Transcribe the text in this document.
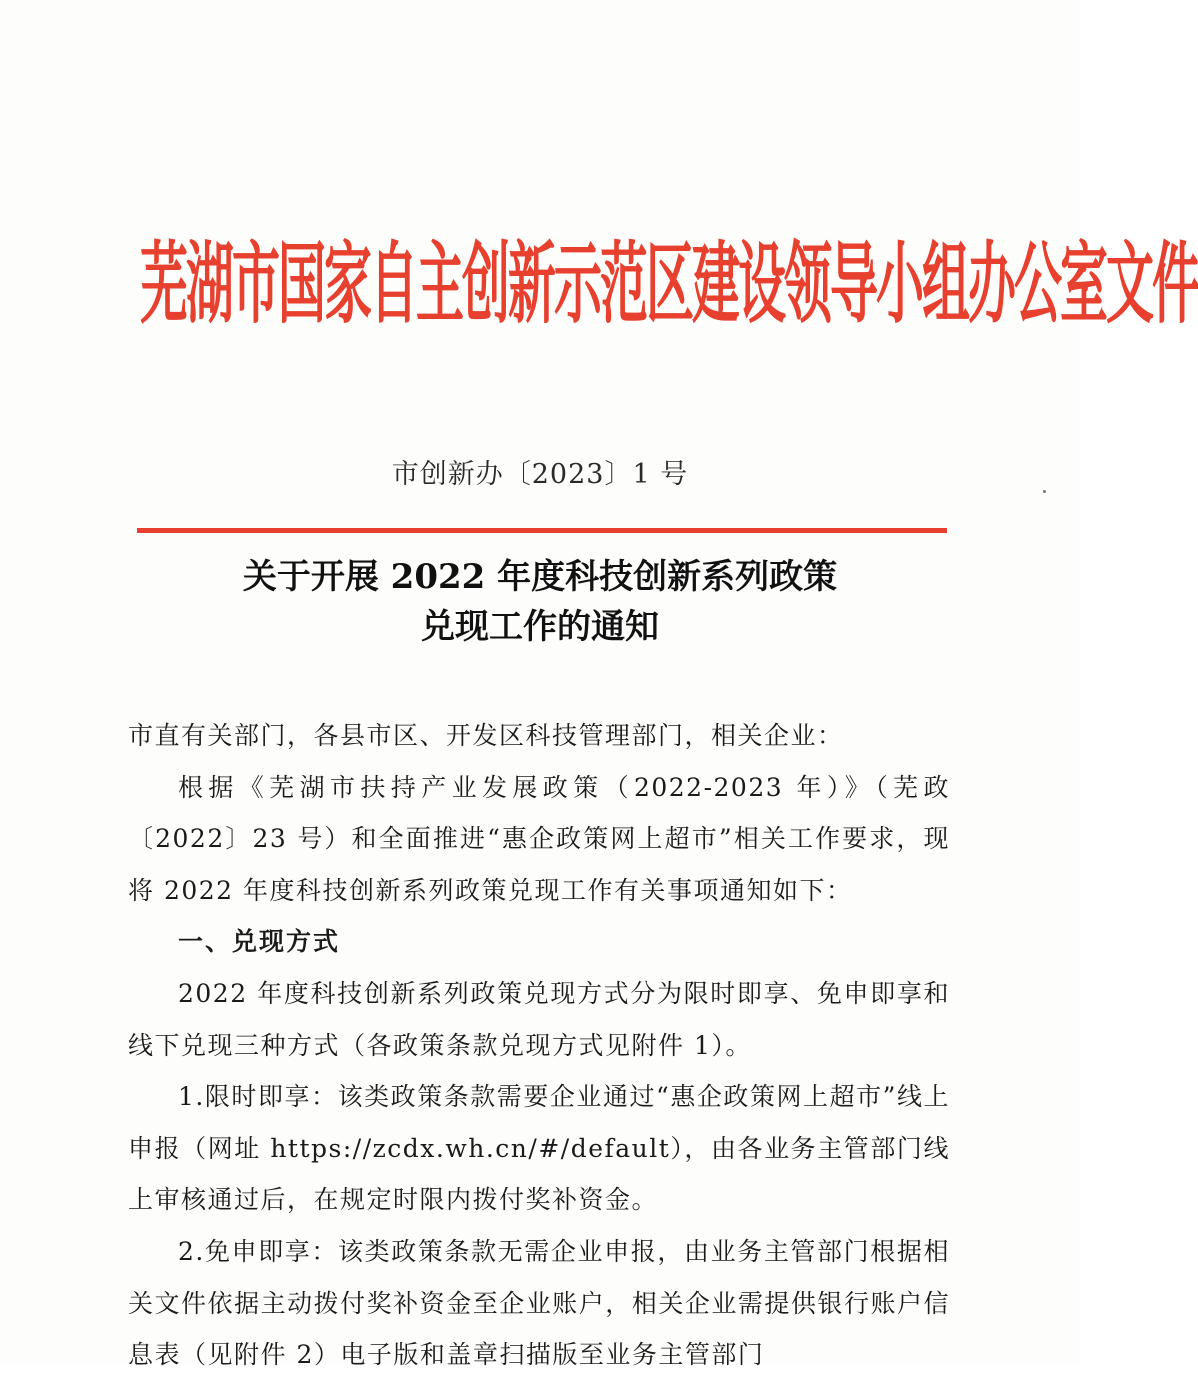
芜湖市国家自主创新示范区建设领导小组办公室文件
市创新办〔2023〕1 号
关于开展 2022 年度科技创新系列政策
兑现工作的通知

市直有关部门，各县市区、开发区科技管理部门，相关企业：

根据《芜湖市扶持产业发展政策（2022-2023 年）》（芜政〔2022〕23 号）和全面推进“惠企政策网上超市”相关工作要求，现将 2022 年度科技创新系列政策兑现工作有关事项通知如下：

一、兑现方式

2022 年度科技创新系列政策兑现方式分为限时即享、免申即享和线下兑现三种方式（各政策条款兑现方式见附件 1）。

1.限时即享：该类政策条款需要企业通过“惠企政策网上超市”线上申报（网址 https://zcdx.wh.cn/#/default），由各业务主管部门线上审核通过后，在规定时限内拨付奖补资金。

2.免申即享：该类政策条款无需企业申报，由业务主管部门根据相关文件依据主动拨付奖补资金至企业账户，相关企业需提供银行账户信息表（见附件 2）电子版和盖章扫描版至业务主管部门
